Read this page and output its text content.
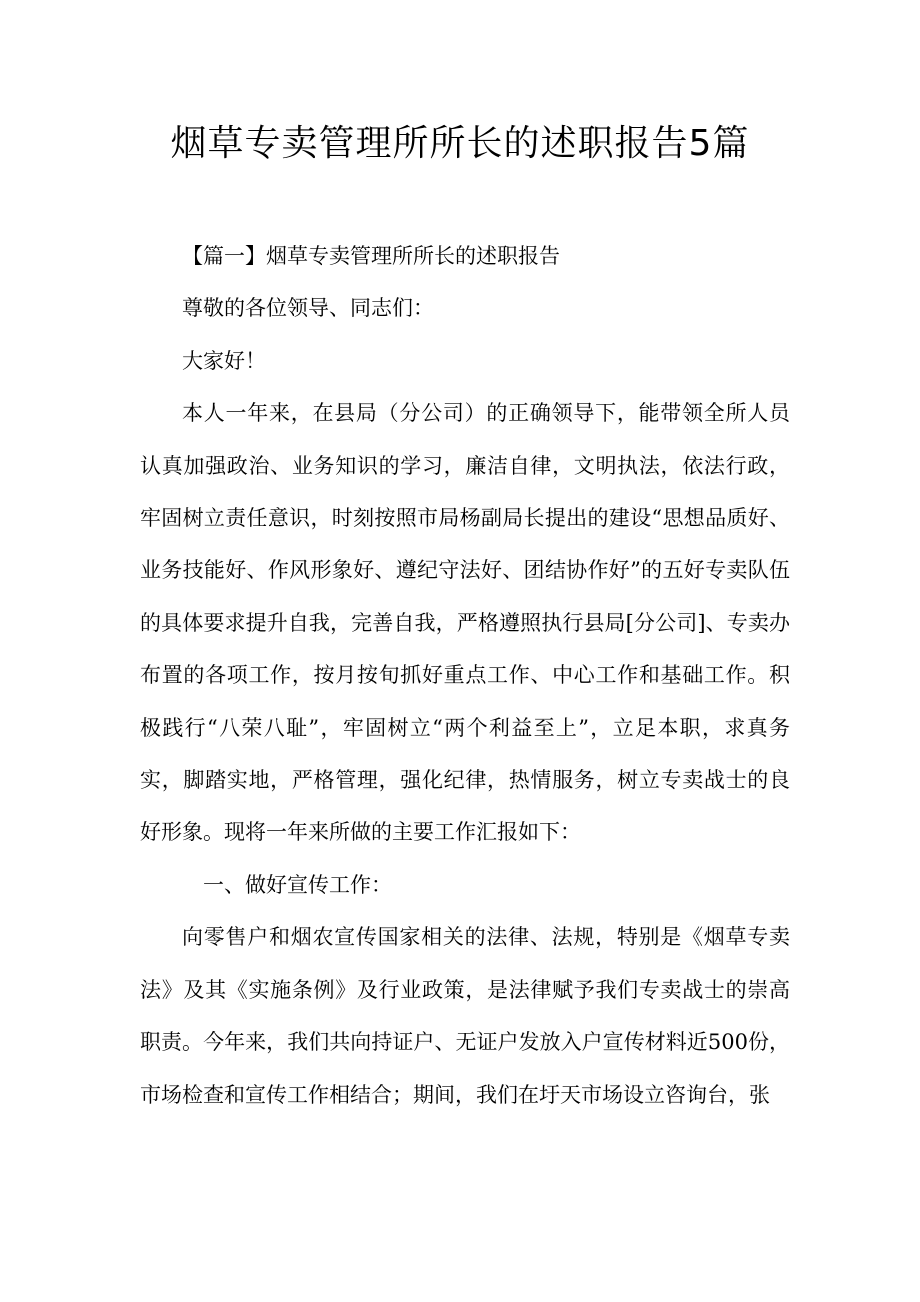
烟草专卖管理所所长的述职报告5篇

【篇一】烟草专卖管理所所长的述职报告

尊敬的各位领导、同志们：

大家好！

本人一年来，在县局（分公司）的正确领导下，能带领全所人员认真加强政治、业务知识的学习，廉洁自律，文明执法，依法行政，牢固树立责任意识，时刻按照市局杨副局长提出的建设“思想品质好、业务技能好、作风形象好、遵纪守法好、团结协作好”的五好专卖队伍的具体要求提升自我，完善自我，严格遵照执行县局[分公司]、专卖办布置的各项工作，按月按旬抓好重点工作、中心工作和基础工作。积极践行“八荣八耻”，牢固树立“两个利益至上”，立足本职，求真务实，脚踏实地，严格管理，强化纪律，热情服务，树立专卖战士的良好形象。现将一年来所做的主要工作汇报如下：

一、做好宣传工作：

向零售户和烟农宣传国家相关的法律、法规，特别是《烟草专卖法》及其《实施条例》及行业政策，是法律赋予我们专卖战士的崇高职责。今年来，我们共向持证户、无证户发放入户宣传材料近500份，市场检查和宣传工作相结合；期间，我们在圩天市场设立咨询台，张
